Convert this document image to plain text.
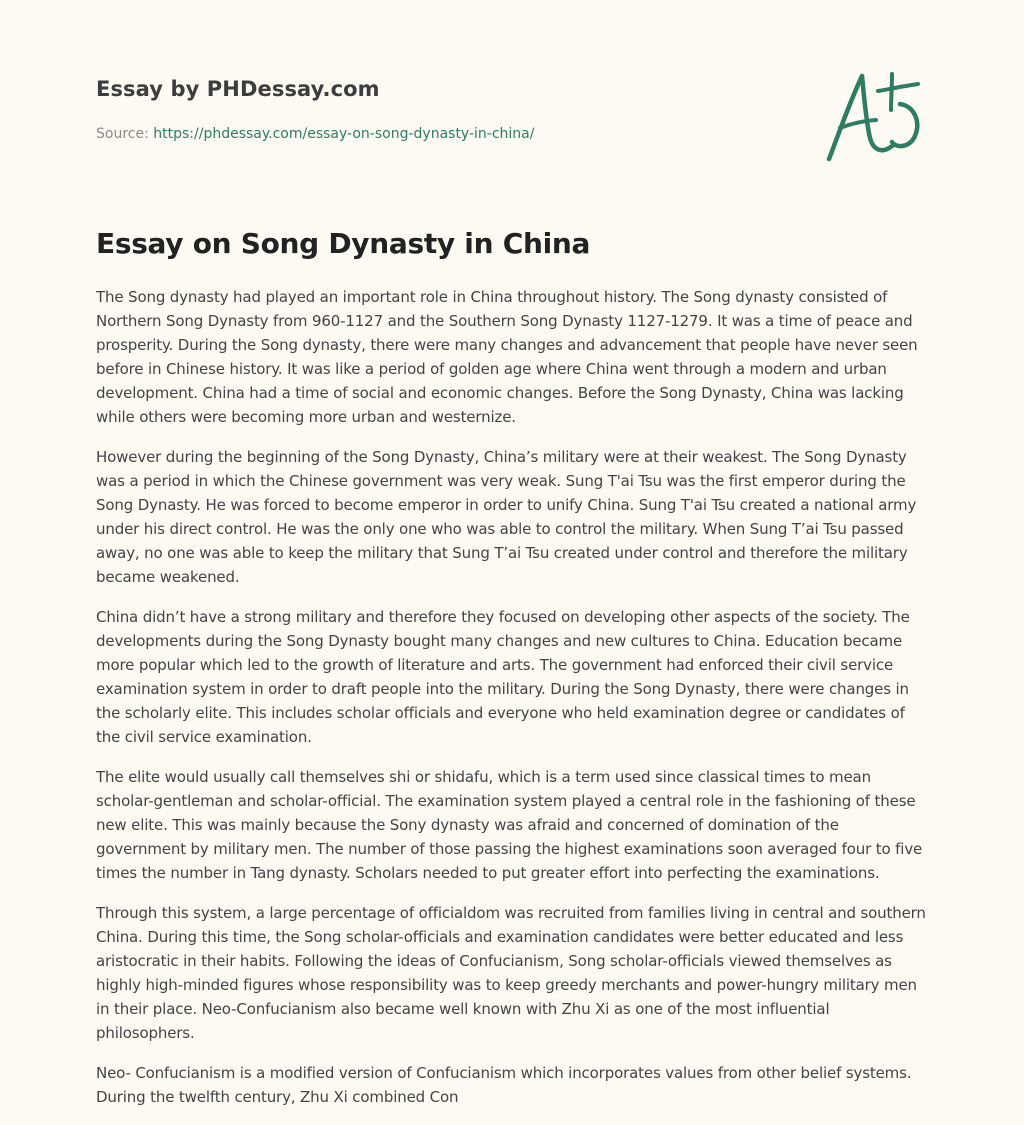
Essay by PHDessay.com
Source: https://phdessay.com/essay-on-song-dynasty-in-china/
Essay on Song Dynasty in China

The Song dynasty had played an important role in China throughout history. The Song dynasty consisted of Northern Song Dynasty from 960-1127 and the Southern Song Dynasty 1127-1279. It was a time of peace and prosperity. During the Song dynasty, there were many changes and advancement that people have never seen before in Chinese history. It was like a period of golden age where China went through a modern and urban development. China had a time of social and economic changes. Before the Song Dynasty, China was lacking while others were becoming more urban and westernize.

However during the beginning of the Song Dynasty, China’s military were at their weakest. The Song Dynasty was a period in which the Chinese government was very weak. Sung T'ai Tsu was the first emperor during the Song Dynasty. He was forced to become emperor in order to unify China. Sung T'ai Tsu created a national army under his direct control. He was the only one who was able to control the military. When Sung T’ai Tsu passed away, no one was able to keep the military that Sung T’ai Tsu created under control and therefore the military became weakened.

China didn’t have a strong military and therefore they focused on developing other aspects of the society. The developments during the Song Dynasty bought many changes and new cultures to China. Education became more popular which led to the growth of literature and arts. The government had enforced their civil service examination system in order to draft people into the military. During the Song Dynasty, there were changes in the scholarly elite. This includes scholar officials and everyone who held examination degree or candidates of the civil service examination.

The elite would usually call themselves shi or shidafu, which is a term used since classical times to mean scholar-gentleman and scholar-official. The examination system played a central role in the fashioning of these new elite. This was mainly because the Sony dynasty was afraid and concerned of domination of the government by military men. The number of those passing the highest examinations soon averaged four to five times the number in Tang dynasty. Scholars needed to put greater effort into perfecting the examinations.

Through this system, a large percentage of officialdom was recruited from families living in central and southern China. During this time, the Song scholar-officials and examination candidates were better educated and less aristocratic in their habits. Following the ideas of Confucianism, Song scholar-officials viewed themselves as highly high-minded figures whose responsibility was to keep greedy merchants and power-hungry military men in their place. Neo-Confucianism also became well known with Zhu Xi as one of the most influential philosophers.

Neo- Confucianism is a modified version of Confucianism which incorporates values from other belief systems. During the twelfth century, Zhu Xi combined Con
